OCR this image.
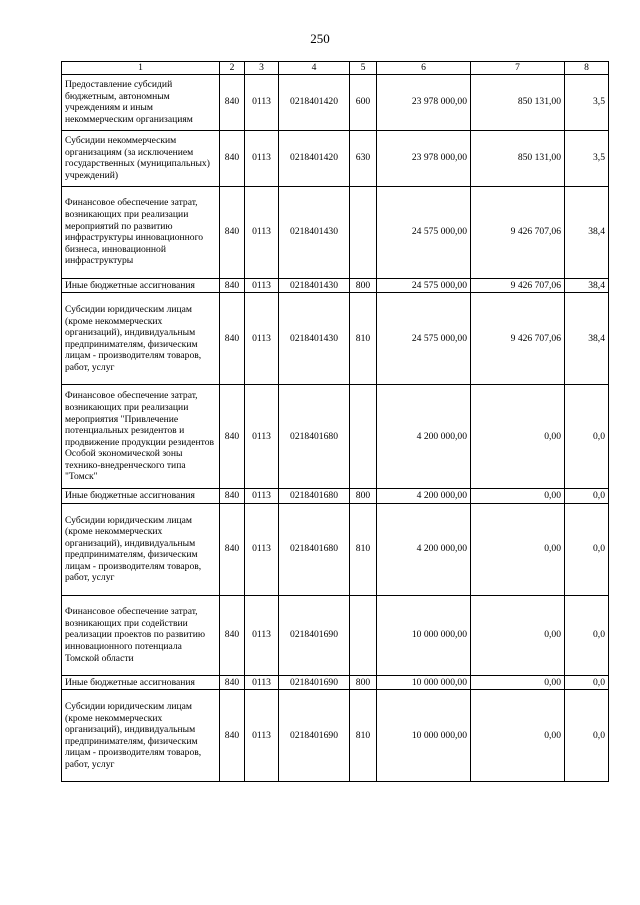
250
1	2	3	4	5	6	7	8
Предоставление субсидий бюджетным, автономным учреждениям и иным некоммерческим организациям	840	0113	0218401420	600	23 978 000,00	850 131,00	3,5
Субсидии некоммерческим организациям (за исключением государственных (муниципальных) учреждений)	840	0113	0218401420	630	23 978 000,00	850 131,00	3,5
Финансовое обеспечение затрат, возникающих при реализации мероприятий по развитию инфраструктуры инновационного бизнеса, инновационной инфраструктуры	840	0113	0218401430		24 575 000,00	9 426 707,06	38,4
Иные бюджетные ассигнования	840	0113	0218401430	800	24 575 000,00	9 426 707,06	38,4
Субсидии юридическим лицам (кроме некоммерческих организаций), индивидуальным предпринимателям, физическим лицам - производителям товаров, работ, услуг	840	0113	0218401430	810	24 575 000,00	9 426 707,06	38,4
Финансовое обеспечение затрат, возникающих при реализации мероприятия "Привлечение потенциальных резидентов и продвижение продукции резидентов Особой экономической зоны технико-внедренческого типа "Томск"	840	0113	0218401680		4 200 000,00	0,00	0,0
Иные бюджетные ассигнования	840	0113	0218401680	800	4 200 000,00	0,00	0,0
Субсидии юридическим лицам (кроме некоммерческих организаций), индивидуальным предпринимателям, физическим лицам - производителям товаров, работ, услуг	840	0113	0218401680	810	4 200 000,00	0,00	0,0
Финансовое обеспечение затрат, возникающих при содействии реализации проектов по развитию инновационного потенциала Томской области	840	0113	0218401690		10 000 000,00	0,00	0,0
Иные бюджетные ассигнования	840	0113	0218401690	800	10 000 000,00	0,00	0,0
Субсидии юридическим лицам (кроме некоммерческих организаций), индивидуальным предпринимателям, физическим лицам - производителям товаров, работ, услуг	840	0113	0218401690	810	10 000 000,00	0,00	0,0
